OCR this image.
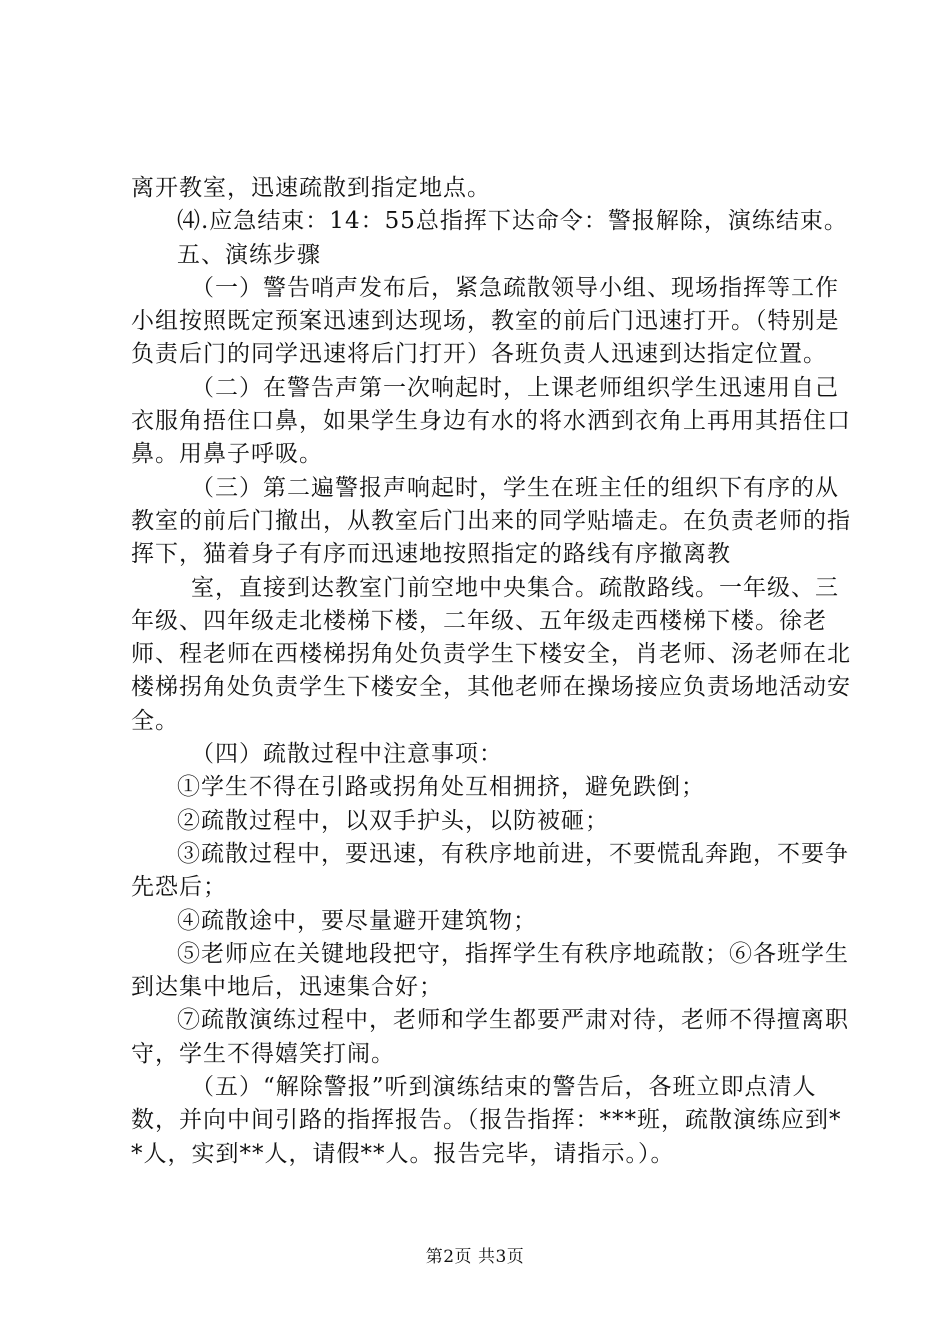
离开教室，迅速疏散到指定地点。

⑷.应急结束：14：55总指挥下达命令：警报解除，演练结束。

五、演练步骤

（一）警告哨声发布后，紧急疏散领导小组、现场指挥等工作小组按照既定预案迅速到达现场，教室的前后门迅速打开。（特别是负责后门的同学迅速将后门打开）各班负责人迅速到达指定位置。

（二）在警告声第一次响起时，上课老师组织学生迅速用自己衣服角捂住口鼻，如果学生身边有水的将水洒到衣角上再用其捂住口鼻。用鼻子呼吸。

（三）第二遍警报声响起时，学生在班主任的组织下有序的从教室的前后门撤出，从教室后门出来的同学贴墙走。在负责老师的指挥下，猫着身子有序而迅速地按照指定的路线有序撤离教

室，直接到达教室门前空地中央集合。疏散路线。一年级、三年级、四年级走北楼梯下楼，二年级、五年级走西楼梯下楼。徐老师、程老师在西楼梯拐角处负责学生下楼安全，肖老师、汤老师在北楼梯拐角处负责学生下楼安全，其他老师在操场接应负责场地活动安全。

（四）疏散过程中注意事项：

①学生不得在引路或拐角处互相拥挤，避免跌倒；

②疏散过程中，以双手护头，以防被砸；

③疏散过程中，要迅速，有秩序地前进，不要慌乱奔跑，不要争先恐后；

④疏散途中，要尽量避开建筑物；

⑤老师应在关键地段把守，指挥学生有秩序地疏散；⑥各班学生到达集中地后，迅速集合好；

⑦疏散演练过程中，老师和学生都要严肃对待，老师不得擅离职守，学生不得嬉笑打闹。

（五）“解除警报”听到演练结束的警告后，各班立即点清人数，并向中间引路的指挥报告。（报告指挥：***班，疏散演练应到**人，实到**人，请假**人。报告完毕，请指示。）。

第2页 共3页
